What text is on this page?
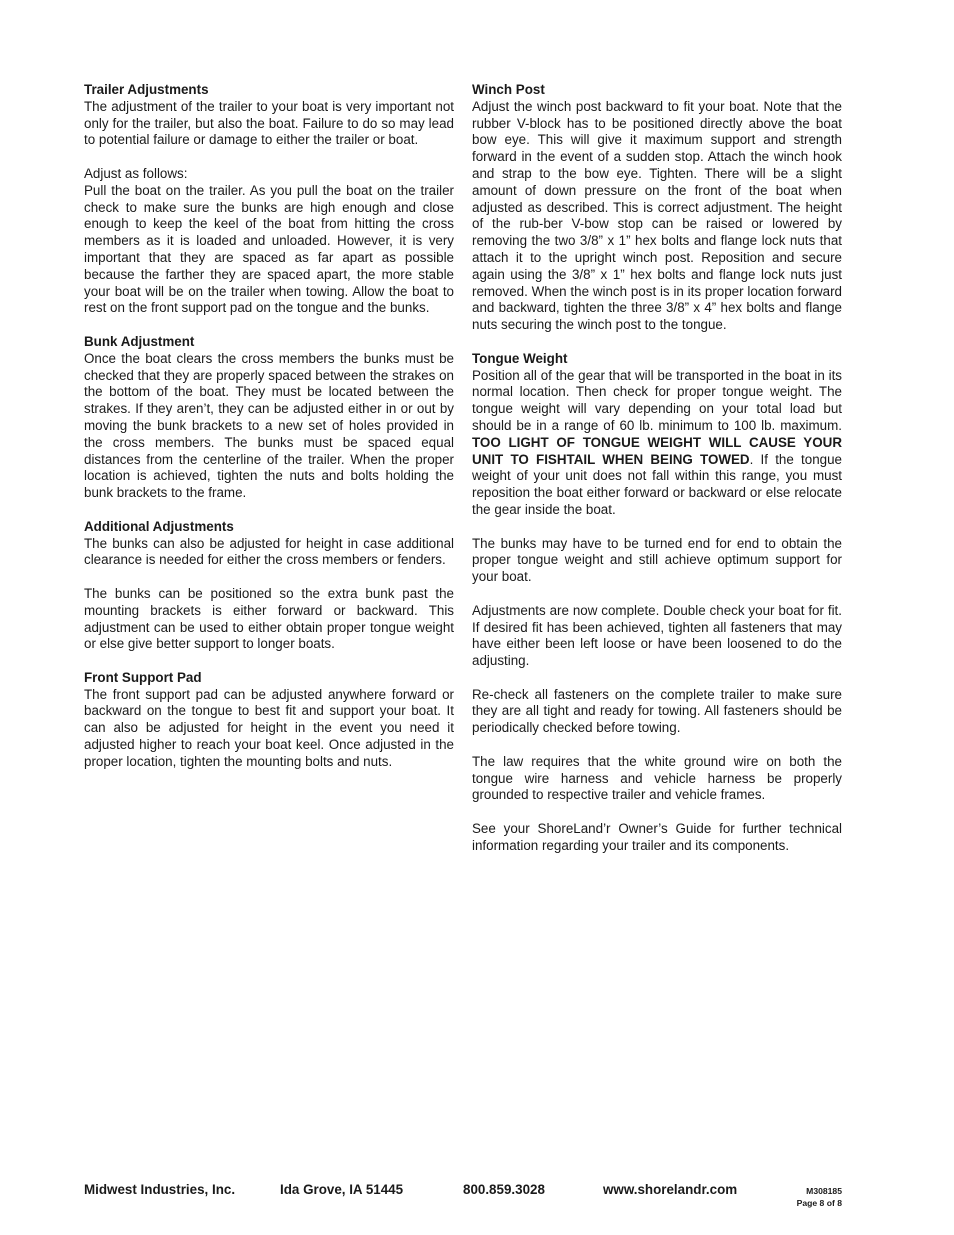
Trailer Adjustments
The adjustment of the trailer to your boat is very important not only for the trailer, but also the boat. Failure to do so may lead to potential failure or damage to either the trailer or boat.
Adjust as follows:
Pull the boat on the trailer. As you pull the boat on the trailer check to make sure the bunks are high enough and close enough to keep the keel of the boat from hitting the cross members as it is loaded and unloaded. However, it is very important that they are spaced as far apart as possible because the farther they are spaced apart, the more stable your boat will be on the trailer when towing. Allow the boat to rest on the front support pad on the tongue and the bunks.
Bunk Adjustment
Once the boat clears the cross members the bunks must be checked that they are properly spaced between the strakes on the bottom of the boat. They must be located between the strakes. If they aren’t, they can be adjusted either in or out by moving the bunk brackets to a new set of holes provided in the cross members. The bunks must be spaced equal distances from the centerline of the trailer. When the proper location is achieved, tighten the nuts and bolts holding the bunk brackets to the frame.
Additional Adjustments
The bunks can also be adjusted for height in case additional clearance is needed for either the cross members or fenders.
The bunks can be positioned so the extra bunk past the mounting brackets is either forward or backward. This adjustment can be used to either obtain proper tongue weight or else give better support to longer boats.
Front Support Pad
The front support pad can be adjusted anywhere forward or backward on the tongue to best fit and support your boat. It can also be adjusted for height in the event you need it adjusted higher to reach your boat keel. Once adjusted in the proper location, tighten the mounting bolts and nuts.
Winch Post
Adjust the winch post backward to fit your boat. Note that the rubber V-block has to be positioned directly above the boat bow eye. This will give it maximum support and strength forward in the event of a sudden stop. Attach the winch hook and strap to the bow eye. Tighten. There will be a slight amount of down pressure on the front of the boat when adjusted as described. This is correct adjustment. The height of the rub-ber V-bow stop can be raised or lowered by removing the two 3/8” x 1” hex bolts and flange lock nuts that attach it to the upright winch post. Reposition and secure again using the 3/8” x 1” hex bolts and flange lock nuts just removed. When the winch post is in its proper location forward and backward, tighten the three 3/8” x 4” hex bolts and flange nuts securing the winch post to the tongue.
Tongue Weight
Position all of the gear that will be transported in the boat in its normal location. Then check for proper tongue weight. The tongue weight will vary depending on your total load but should be in a range of 60 lb. minimum to 100 lb. maximum. TOO LIGHT OF TONGUE WEIGHT WILL CAUSE YOUR UNIT TO FISHTAIL WHEN BEING TOWED. If the tongue weight of your unit does not fall within this range, you must reposition the boat either forward or backward or else relocate the gear inside the boat.
The bunks may have to be turned end for end to obtain the proper tongue weight and still achieve optimum support for your boat.
Adjustments are now complete. Double check your boat for fit. If desired fit has been achieved, tighten all fasteners that may have either been left loose or have been loosened to do the adjusting.
Re-check all fasteners on the complete trailer to make sure they are all tight and ready for towing. All fasteners should be periodically checked before towing.
The law requires that the white ground wire on both the tongue wire harness and vehicle harness be properly grounded to respective trailer and vehicle frames.
See your ShoreLand’r Owner’s Guide for further technical information regarding your trailer and its components.
Midwest Industries, Inc.	Ida Grove, IA 51445	800.859.3028	www.shorelandr.com	M308185
Page 8 of 8
